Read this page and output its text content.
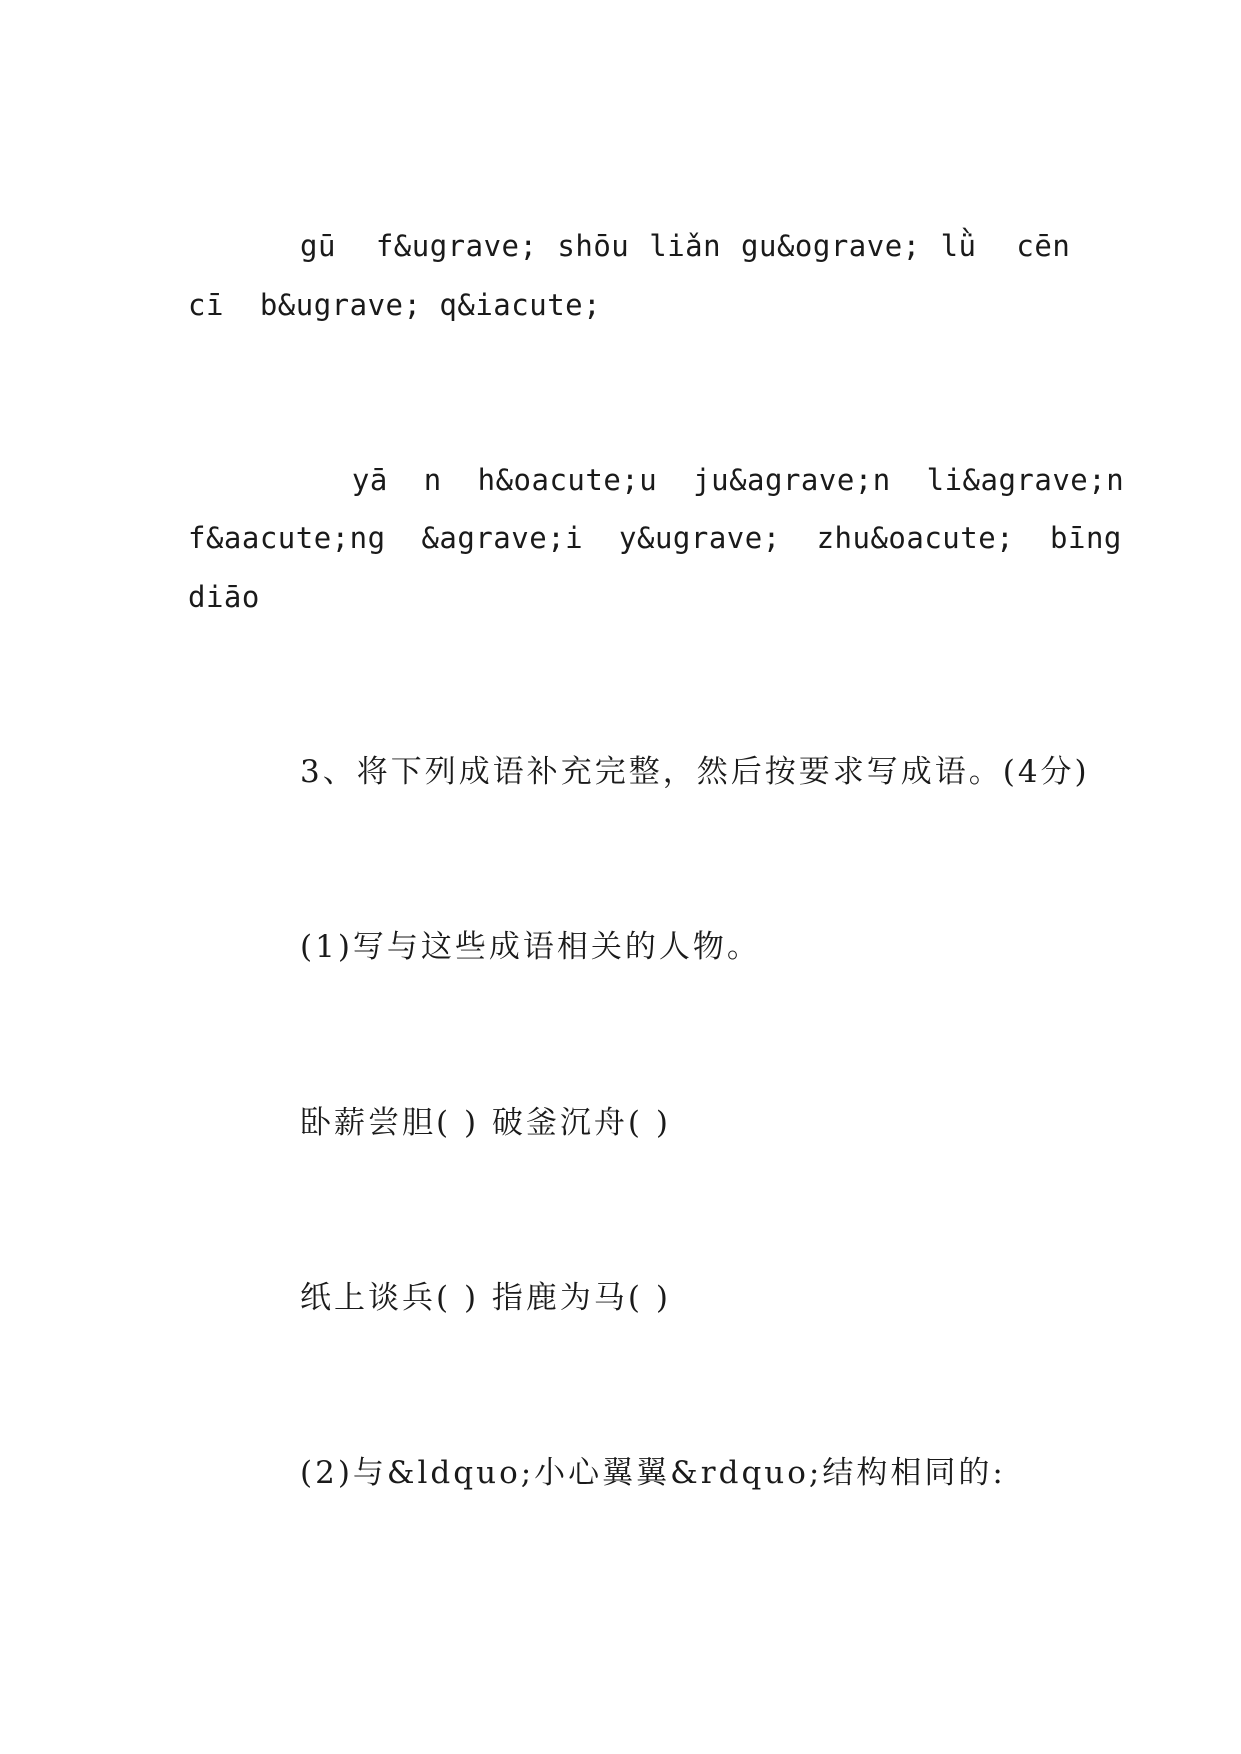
gū  f&ugrave; shōu liǎn gu&ograve; lǜ  cēn
cī  b&ugrave; q&iacute;
yā  n  h&oacute;u  ju&agrave;n  li&agrave;n
f&aacute;ng  &agrave;i  y&ugrave;  zhu&oacute;  bīng
diāo
3、将下列成语补充完整，然后按要求写成语。(4分)
(1)写与这些成语相关的人物。
卧薪尝胆( ) 破釜沉舟( )
纸上谈兵( ) 指鹿为马( )
(2)与&ldquo;小心翼翼&rdquo;结构相同的:
